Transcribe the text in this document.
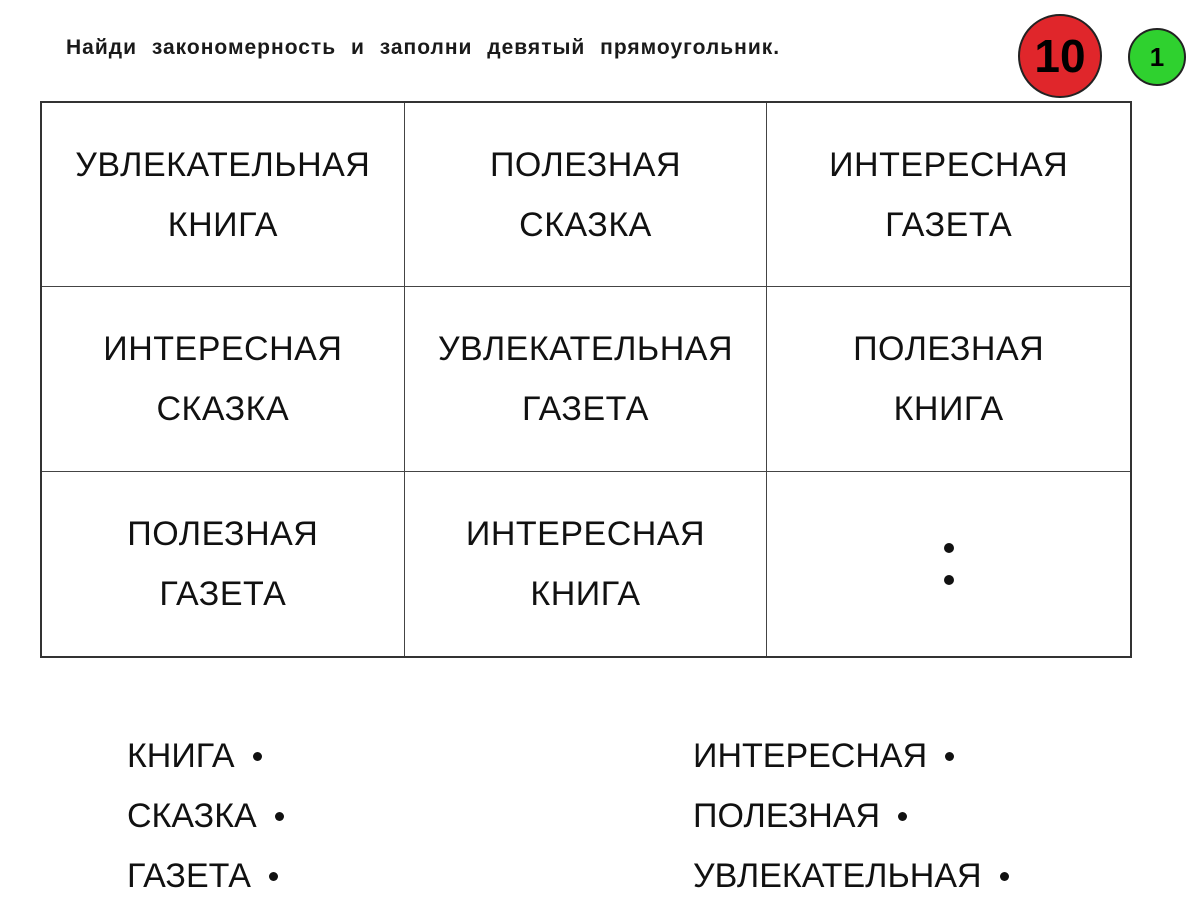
Найди закономерность и заполни девятый прямоугольник.	10 1
УВЛЕКАТЕЛЬНАЯ
КНИГА
ПОЛЕЗНАЯ
СКАЗКА
ИНТЕРЕСНАЯ
ГАЗЕТА
ИНТЕРЕСНАЯ
СКАЗКА
УВЛЕКАТЕЛЬНАЯ
ГАЗЕТА
ПОЛЕЗНАЯ
КНИГА
ПОЛЕЗНАЯ
ГАЗЕТА
ИНТЕРЕСНАЯ
КНИГА
КНИГА
СКАЗКА
ГАЗЕТА
ИНТЕРЕСНАЯ
ПОЛЕЗНАЯ
УВЛЕКАТЕЛЬНАЯ
